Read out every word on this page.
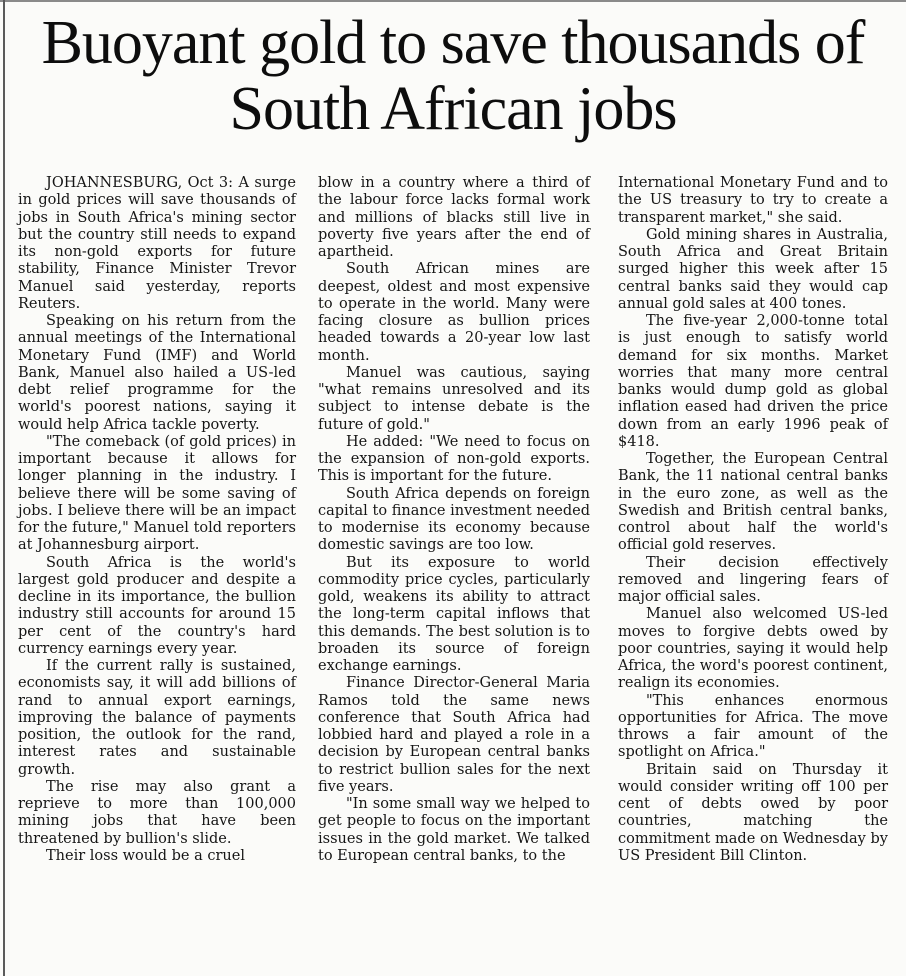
Buoyant gold to save thousands of South African jobs

JOHANNESBURG, Oct 3: A surge in gold prices will save thousands of jobs in South Africa's mining sector but the country still needs to expand its non-gold exports for future stability, Finance Minister Trevor Manuel said yesterday, reports Reuters.

Speaking on his return from the annual meetings of the International Monetary Fund (IMF) and World Bank, Manuel also hailed a US-led debt relief programme for the world's poorest nations, saying it would help Africa tackle poverty.

"The comeback (of gold prices) in important because it allows for longer planning in the industry. I believe there will be some saving of jobs. I believe there will be an impact for the future," Manuel told reporters at Johannesburg airport.

South Africa is the world's largest gold producer and despite a decline in its importance, the bullion industry still accounts for around 15 per cent of the country's hard currency earnings every year.

If the current rally is sustained, economists say, it will add billions of rand to annual export earnings, improving the balance of payments position, the outlook for the rand, interest rates and sustainable growth.

The rise may also grant a reprieve to more than 100,000 mining jobs that have been threatened by bullion's slide.

Their loss would be a cruel

blow in a country where a third of the labour force lacks formal work and millions of blacks still live in poverty five years after the end of apartheid.

South African mines are deepest, oldest and most expensive to operate in the world. Many were facing closure as bullion prices headed towards a 20-year low last month.

Manuel was cautious, saying "what remains unresolved and its subject to intense debate is the future of gold."

He added: "We need to focus on the expansion of non-gold exports. This is important for the future.

South Africa depends on foreign capital to finance investment needed to modernise its economy because domestic savings are too low.

But its exposure to world commodity price cycles, particularly gold, weakens its ability to attract the long-term capital inflows that this demands. The best solution is to broaden its source of foreign exchange earnings.

Finance Director-General Maria Ramos told the same news conference that South Africa had lobbied hard and played a role in a decision by European central banks to restrict bullion sales for the next five years.

"In some small way we helped to get people to focus on the important issues in the gold market. We talked to European central banks, to the

International Monetary Fund and to the US treasury to try to create a transparent market," she said.

Gold mining shares in Australia, South Africa and Great Britain surged higher this week after 15 central banks said they would cap annual gold sales at 400 tones.

The five-year 2,000-tonne total is just enough to satisfy world demand for six months. Market worries that many more central banks would dump gold as global inflation eased had driven the price down from an early 1996 peak of $418.

Together, the European Central Bank, the 11 national central banks in the euro zone, as well as the Swedish and British central banks, control about half the world's official gold reserves.

Their decision effectively removed and lingering fears of major official sales.

Manuel also welcomed US-led moves to forgive debts owed by poor countries, saying it would help Africa, the word's poorest continent, realign its economies.

"This enhances enormous opportunities for Africa. The move throws a fair amount of the spotlight on Africa."

Britain said on Thursday it would consider writing off 100 per cent of debts owed by poor countries, matching the commitment made on Wednesday by US President Bill Clinton.
